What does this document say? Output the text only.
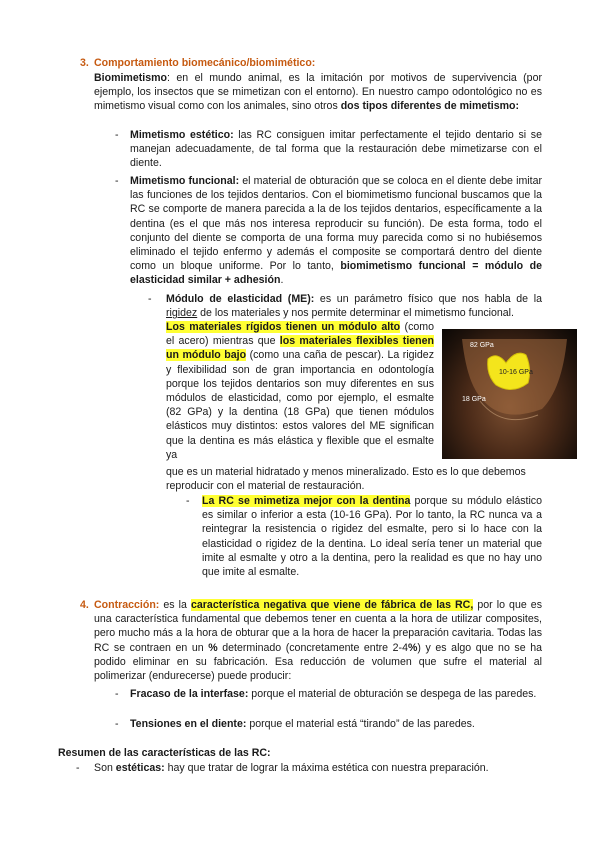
3. Comportamiento biomecánico/biomimético:

Biomimetismo: en el mundo animal, es la imitación por motivos de supervivencia (por ejemplo, los insectos que se mimetizan con el entorno). En nuestro campo odontológico no es mimetismo visual como con los animales, sino otros dos tipos diferentes de mimetismo:

- Mimetismo estético: las RC consiguen imitar perfectamente el tejido dentario si se manejan adecuadamente, de tal forma que la restauración debe mimetizarse con el diente.

- Mimetismo funcional: el material de obturación que se coloca en el diente debe imitar las funciones de los tejidos dentarios. Con el biomimetismo funcional buscamos que la RC se comporte de manera parecida a la de los tejidos dentarios, específicamente a la dentina (es el que más nos interesa reproducir su función). De esta forma, todo el conjunto del diente se comporta de una forma muy parecida como si no hubiésemos eliminado el tejido enfermo y además el composite se comportará dentro del diente como un bloque uniforme. Por lo tanto, biomimetismo funcional = módulo de elasticidad similar + adhesión.

- Módulo de elasticidad (ME): es un parámetro físico que nos habla de la rigidez de los materiales y nos permite determinar el mimetismo funcional.

Los materiales rígidos tienen un módulo alto (como el acero) mientras que los materiales flexibles tienen un módulo bajo (como una caña de pescar). La rigidez y flexibilidad son de gran importancia en odontología porque los tejidos dentarios son muy diferentes en sus módulos de elasticidad, como por ejemplo, el esmalte (82 GPa) y la dentina (18 GPa) que tienen módulos elásticos muy distintos: estos valores del ME significan que la dentina es más elástica y flexible que el esmalte ya

que es un material hidratado y menos mineralizado. Esto es lo que debemos reproducir con el material de restauración.

82 GPa
10-16 GPa
18 GPa
- La RC se mimetiza mejor con la dentina porque su módulo elástico es similar o inferior a esta (10-16 GPa). Por lo tanto, la RC nunca va a reintegrar la resistencia o rigidez del esmalte, pero si lo hace con la elasticidad o rigidez de la dentina. Lo ideal sería tener un material que imite al esmalte y otro a la dentina, pero la realidad es que no hay uno que imite al esmalte.

4. Contracción: es la característica negativa que viene de fábrica de las RC, por lo que es una característica fundamental que debemos tener en cuenta a la hora de utilizar composites, pero mucho más a la hora de obturar que a la hora de hacer la preparación cavitaria. Todas las RC se contraen en un % determinado (concretamente entre 2-4%) y es algo que no se ha podido eliminar en su fabricación. Esa reducción de volumen que sufre el material al polimerizar (endurecerse) puede producir:

- Fracaso de la interfase: porque el material de obturación se despega de las paredes.

- Tensiones en el diente: porque el material está “tirando” de las paredes.

Resumen de las características de las RC:
- Son estéticas: hay que tratar de lograr la máxima estética con nuestra preparación.
